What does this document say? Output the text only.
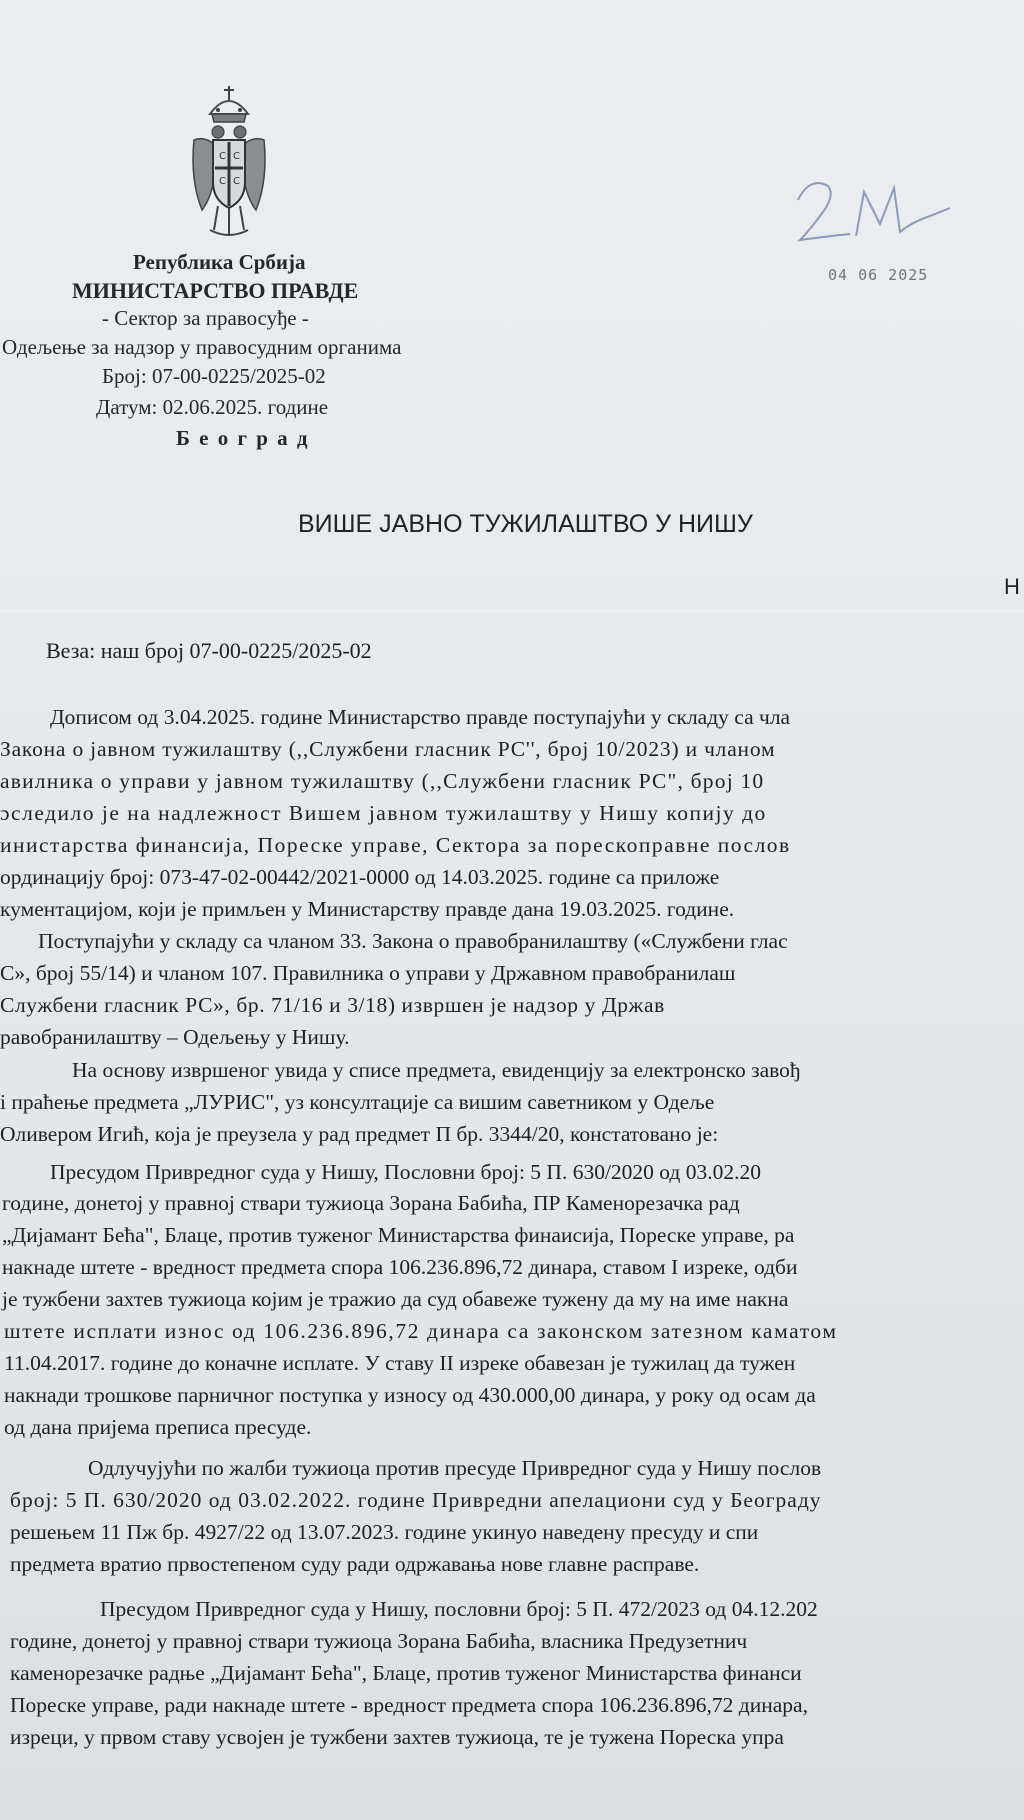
C C
C C
Република Србија
МИНИСТАРСТВО ПРАВДЕ
- Сектор за правосуђе -
Одељење за надзор у правосудним органима
Број: 07-00-0225/2025-02
Датум: 02.06.2025. године
Б е о г р а д
04 06 2025
ВИШЕ ЈАВНО ТУЖИЛАШТВО У НИШУ
Н
Веза: наш број 07-00-0225/2025-02
Дописом од 3.04.2025. године Министарство правде поступајући у складу са чла
Закона о јавном тужилаштву (,,Службени гласник РС'', број 10/2023) и чланом
авилника о управи у јавном тужилаштву (,,Службени гласник РС", број 10
ɔследило је на надлежност Вишем јавном тужилаштву у Нишу копију до
инистарства финансија, Пореске управе, Сектора за порескоправне послов
ординацију број: 073-47-02-00442/2021-0000 од 14.03.2025. године са приложе
кументацијом, који је примљен у Министарству правде дана 19.03.2025. године.
Поступајући у складу са чланом 33. Закона о правобранилаштву («Службени глас
С», број 55/14) и чланом 107. Правилника о управи у Државном правобранилаш
Службени гласник РС», бр. 71/16 и 3/18) извршен је надзор у Држав
равобранилаштву – Одељењу у Нишу.
На основу извршеног увида у списе предмета, евиденцију за електронско завођ
і праћење предмета „ЛУРИС", уз консултације са вишим саветником у Одеље
Оливером Игић, која је преузела у рад предмет П бр. 3344/20, констатовано је:
Пресудом Привредног суда у Нишу, Пословни број: 5 П. 630/2020 од 03.02.20
године, донетој у правној ствари тужиоца Зорана Бабића, ПР Каменорезачка рад
„Дијамант Бећа", Блаце, против туженог Министарства финаисија, Пореске управе, ра
накнаде штете - вредност предмета спора 106.236.896,72 динара, ставом I изреке, одби
је тужбени захтев тужиоца којим је тражио да суд обавеже тужену да му на име накна
штете исплати износ од 106.236.896,72 динара са законском затезном каматом
11.04.2017. године до коначне исплате. У ставу II изреке обавезан је тужилац да тужен
накнади трошкове парничног поступка у износу од 430.000,00 динара, у року од осам да
од дана пријема преписа пресуде.
Одлучујући по жалби тужиоца против пресуде Привредног суда у Нишу послов
број: 5 П. 630/2020 од 03.02.2022. године Привредни апелациони суд у Београду
решењем 11 Пж бр. 4927/22 од 13.07.2023. године укинуо наведену пресуду и спи
предмета вратио првостепеном суду ради одржавања нове главне расправе.
Пресудом Привредног суда у Нишу, пословни број: 5 П. 472/2023 од 04.12.202
године, донетој у правној ствари тужиоца Зорана Бабића, власника Предузетнич
каменорезачке радње „Дијамант Бећа", Блаце, против туженог Министарства финанси
Пореске управе, ради накнаде штете - вредност предмета спора 106.236.896,72 динара,
изреци, у првом ставу усвојен је тужбени захтев тужиоца, те је тужена Пореска упра
